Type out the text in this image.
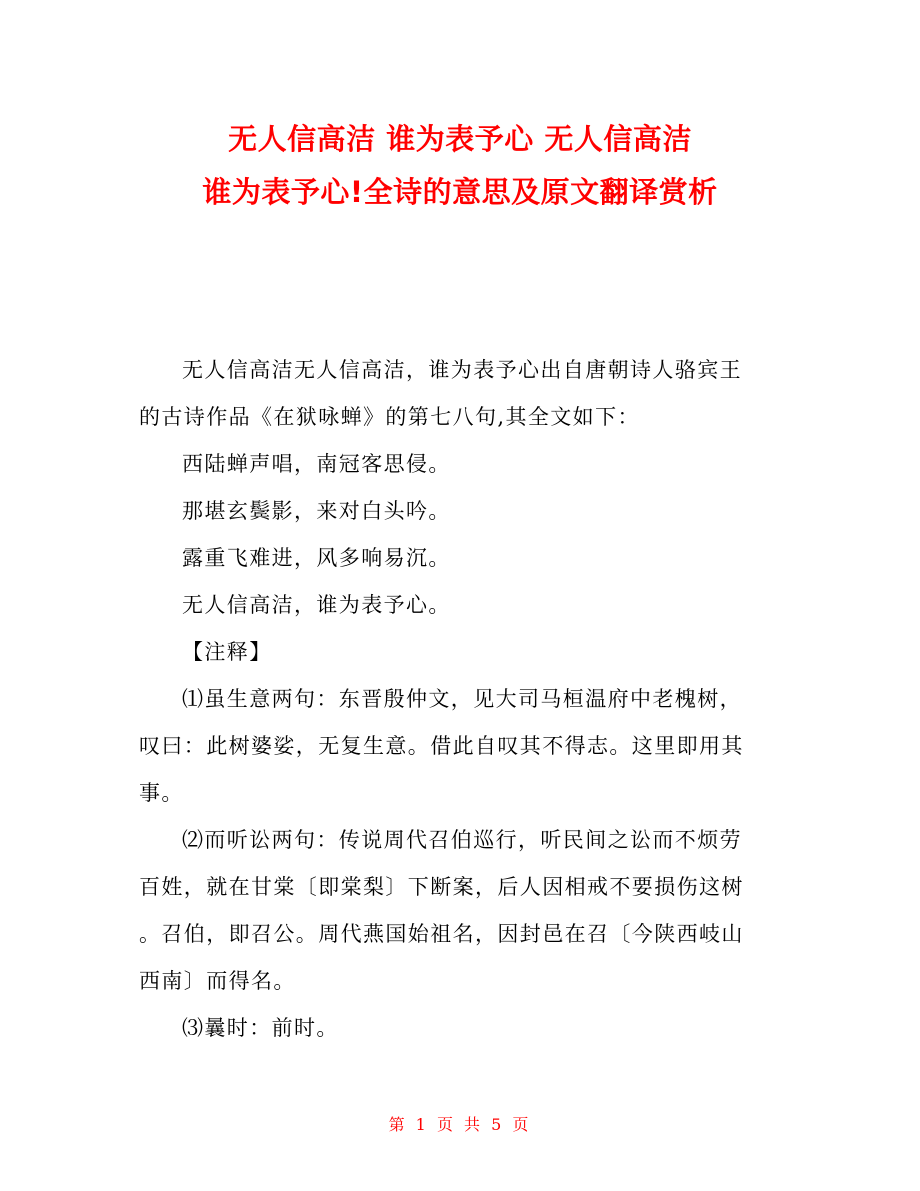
无人信高洁 谁为表予心 无人信高洁
谁为表予心!全诗的意思及原文翻译赏析
无人信高洁无人信高洁，谁为表予心出自唐朝诗人骆宾王
的古诗作品《在狱咏蝉》的第七八句,其全文如下：
西陆蝉声唱，南冠客思侵。
那堪玄鬓影，来对白头吟。
露重飞难进，风多响易沉。
无人信高洁，谁为表予心。
【注释】
⑴虽生意两句：东晋殷仲文，见大司马桓温府中老槐树，
叹曰：此树婆娑，无复生意。借此自叹其不得志。这里即用其
事。
⑵而听讼两句：传说周代召伯巡行，听民间之讼而不烦劳
百姓，就在甘棠〔即棠梨〕下断案，后人因相戒不要损伤这树
。召伯，即召公。周代燕国始祖名，因封邑在召〔今陕西岐山
西南〕而得名。
⑶曩时：前时。
第 1 页 共 5 页
